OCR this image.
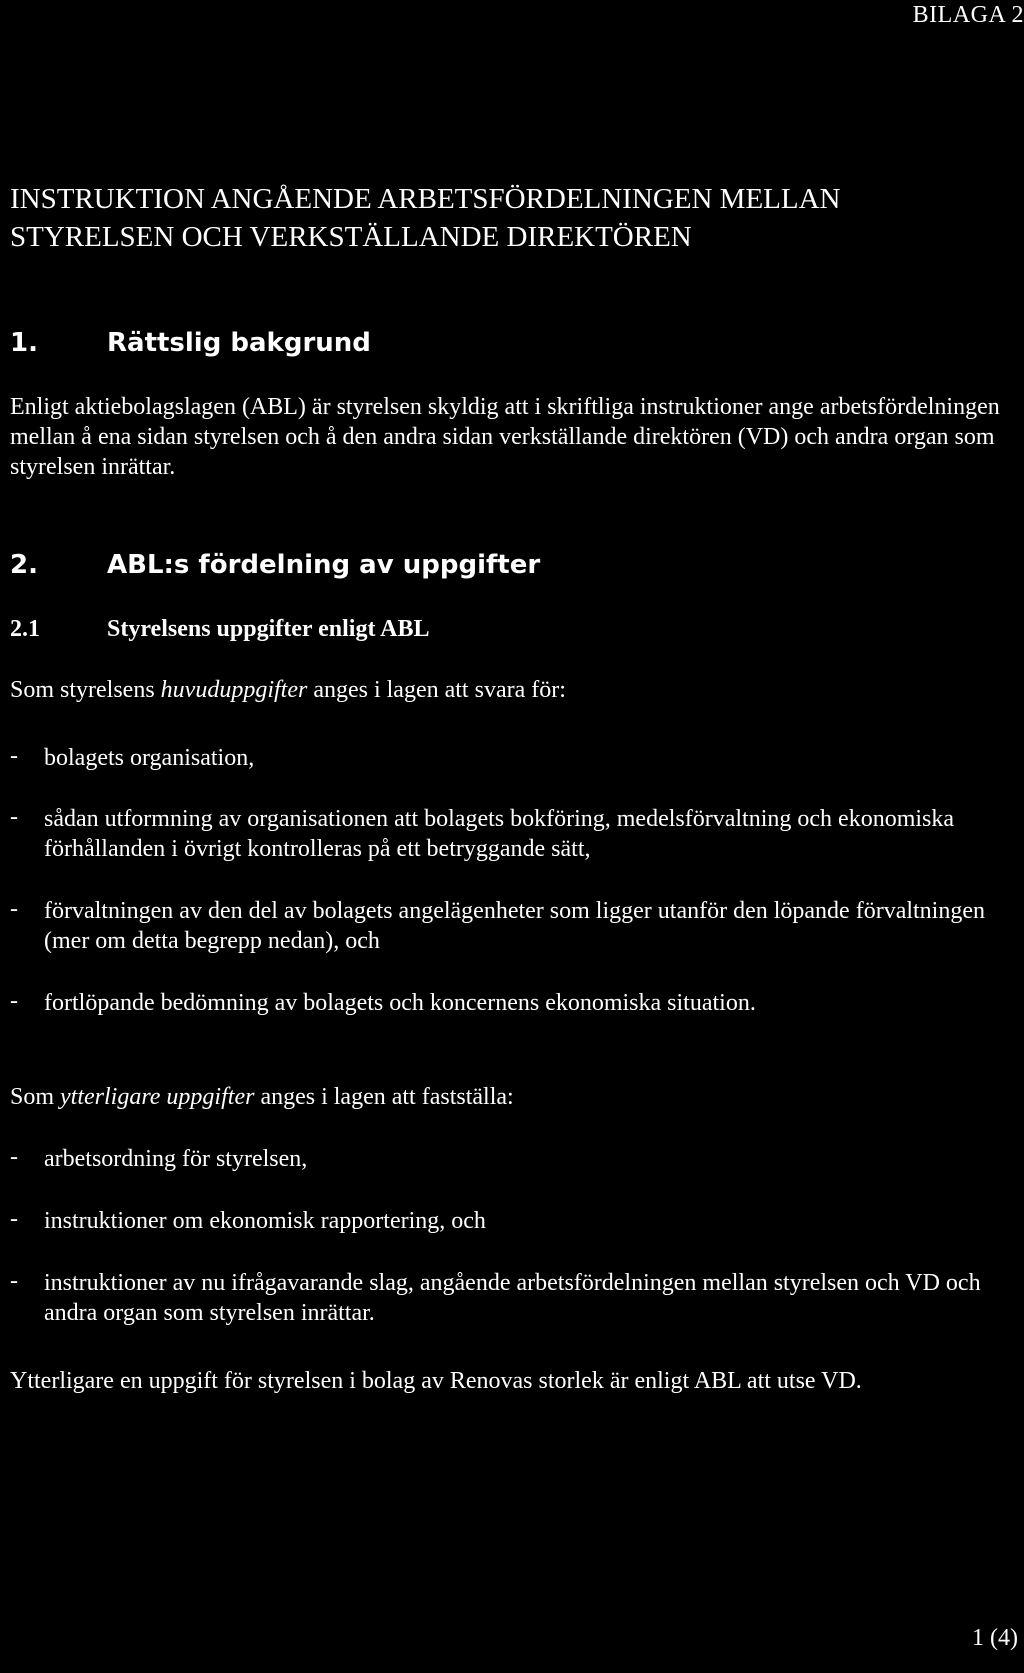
BILAGA 2
INSTRUKTION ANGÅENDE ARBETSFÖRDELNINGEN MELLAN
STYRELSEN OCH VERKSTÄLLANDE DIREKTÖREN
1.	Rättslig bakgrund

Enligt aktiebolagslagen (ABL) är styrelsen skyldig att i skriftliga instruktioner ange arbetsfördelningen mellan å ena sidan styrelsen och å den andra sidan verkställande direktören (VD) och andra organ som styrelsen inrättar.

2.	ABL:s fördelning av uppgifter
2.1	Styrelsens uppgifter enligt ABL

Som styrelsens huvuduppgifter anges i lagen att svara för:

- bolagets organisation,

- sådan utformning av organisationen att bolagets bokföring, medelsförvaltning och ekonomiska förhållanden i övrigt kontrolleras på ett betryggande sätt,

- förvaltningen av den del av bolagets angelägenheter som ligger utanför den löpande förvaltningen (mer om detta begrepp nedan), och

- fortlöpande bedömning av bolagets och koncernens ekonomiska situation.

Som ytterligare uppgifter anges i lagen att fastställa:

- arbetsordning för styrelsen,

- instruktioner om ekonomisk rapportering, och

- instruktioner av nu ifrågavarande slag, angående arbetsfördelningen mellan styrelsen och VD och andra organ som styrelsen inrättar.

Ytterligare en uppgift för styrelsen i bolag av Renovas storlek är enligt ABL att utse VD.

1 (4)
